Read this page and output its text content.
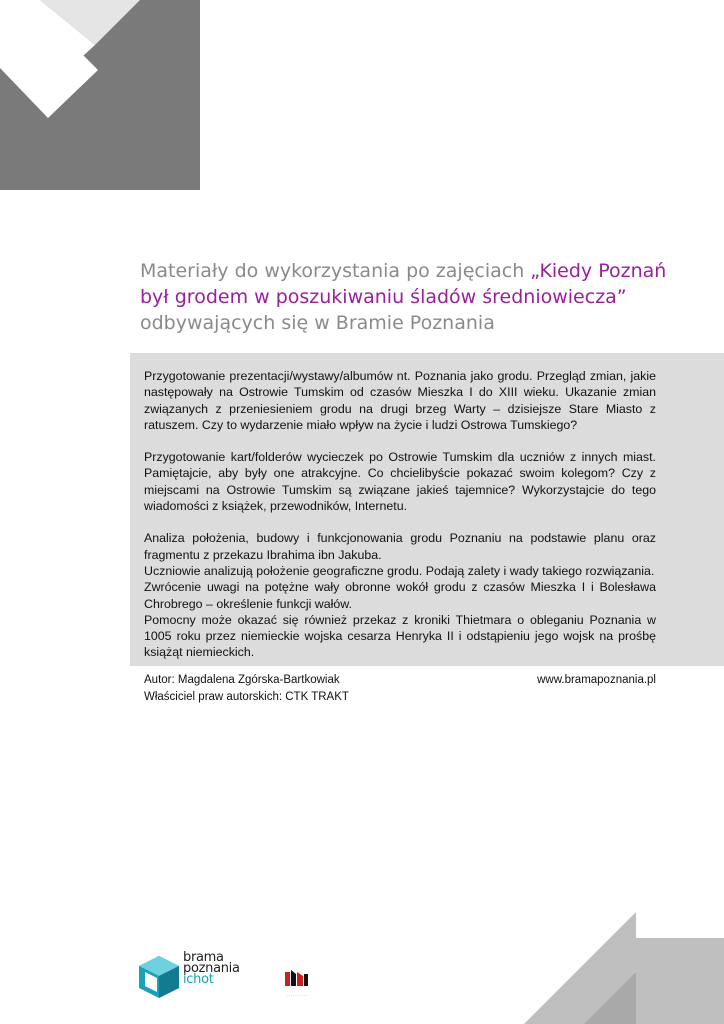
Materiały do wykorzystania po zajęciach „Kiedy Poznań był grodem w poszukiwaniu śladów średniowiecza” odbywających się w Bramie Poznania

Przygotowanie prezentacji/wystawy/albumów nt. Poznania jako grodu. Przegląd zmian, jakie następowały na Ostrowie Tumskim od czasów Mieszka I do XIII wieku. Ukazanie zmian związanych z przeniesieniem grodu na drugi brzeg Warty – dzisiejsze Stare Miasto z ratuszem. Czy to wydarzenie miało wpływ na życie i ludzi Ostrowa Tumskiego?

Przygotowanie kart/folderów wycieczek po Ostrowie Tumskim dla uczniów z innych miast. Pamiętajcie, aby były one atrakcyjne. Co chcielibyście pokazać swoim kolegom? Czy z miejscami na Ostrowie Tumskim są związane jakieś tajemnice? Wykorzystajcie do tego wiadomości z książek, przewodników, Internetu.

Analiza położenia, budowy i funkcjonowania grodu Poznaniu na podstawie planu oraz fragmentu z przekazu Ibrahima ibn Jakuba.
Uczniowie analizują położenie geograficzne grodu. Podają zalety i wady takiego rozwiązania.
Zwrócenie uwagi na potężne wały obronne wokół grodu z czasów Mieszka I i Bolesława Chrobrego – określenie funkcji wałów.
Pomocny może okazać się również przekaz z kroniki Thietmara o obleganiu Poznania w 1005 roku przez niemieckie wojska cesarza Henryka II i odstąpieniu jego wojsk na prośbę książąt niemieckich.

Autor: Magdalena Zgórska-Bartkowiak
Właściciel praw autorskich: CTK TRAKT
www.bramapoznania.pl
brama
poznania
ichot
· · · · · · · · · ·
